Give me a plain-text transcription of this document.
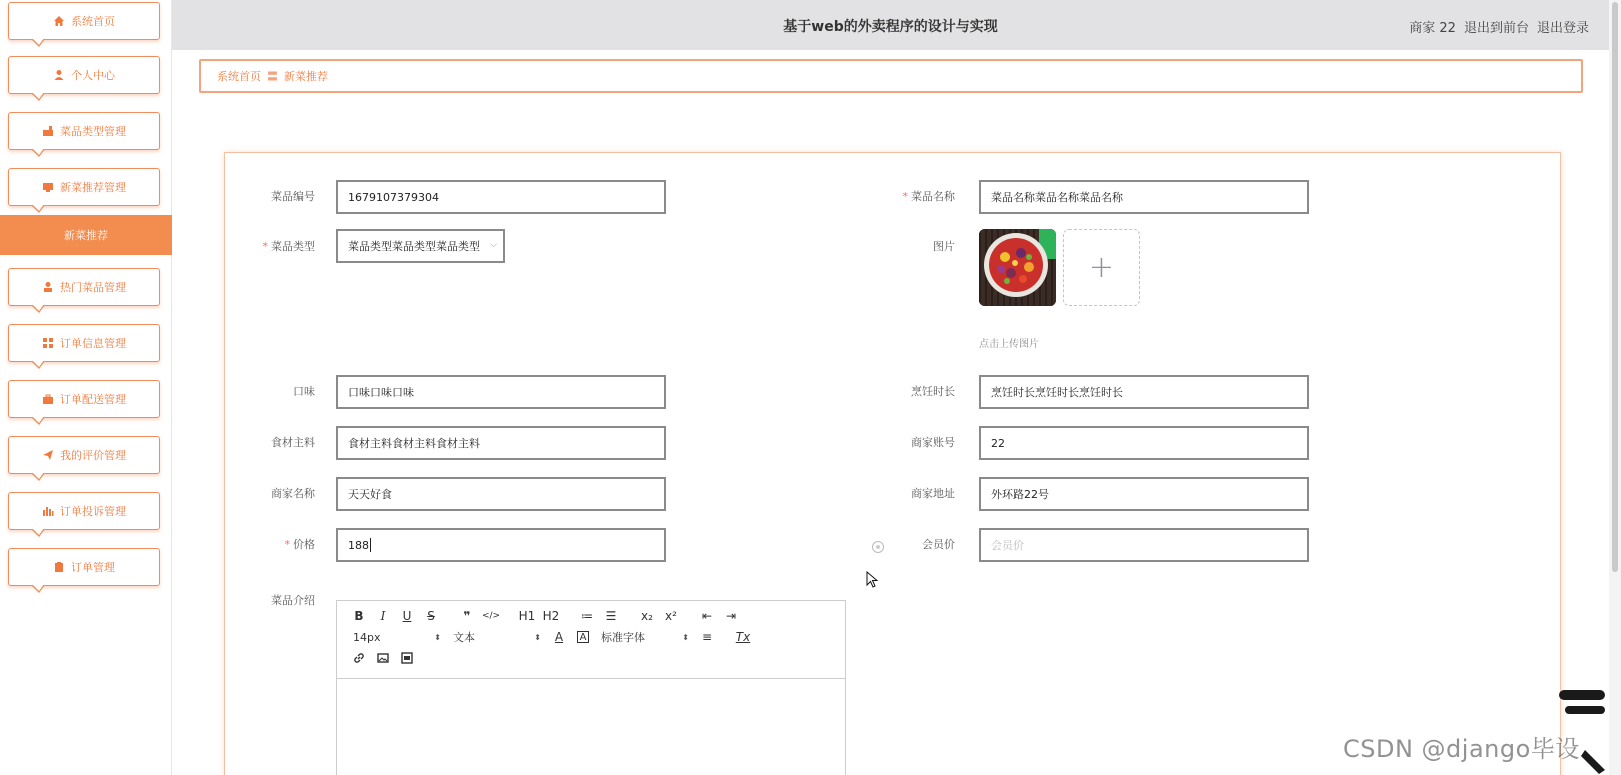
系统首页
个人中心
菜品类型管理
新菜推荐管理
新菜推荐
热门菜品管理
订单信息管理
订单配送管理
我的评价管理
订单投诉管理
订单管理
基于web的外卖程序的设计与实现	商家 22 退出到前台 退出登录
系统首页 〓 新菜推荐
菜品编号	1679107379304	* 菜品名称	菜品名称菜品名称菜品名称
* 菜品类型	菜品类型菜品类型菜品类型 ⌵	图片
+
点击上传图片
口味	口味口味口味	烹饪时长	烹饪时长烹饪时长烹饪时长
食材主料	食材主料食材主料食材主料	商家账号	22
商家名称	天天好食	商家地址	外环路22号
* 价格	188	会员价	会员价
菜品介绍
B	I	U	S	❞	</>	H1 H2	≔	☰	x₂	x²	⇤	⇥
14px	⬍ 文本	⬍	A	A 标准字体	⬍	≡	Tx
CSDN @django毕设
